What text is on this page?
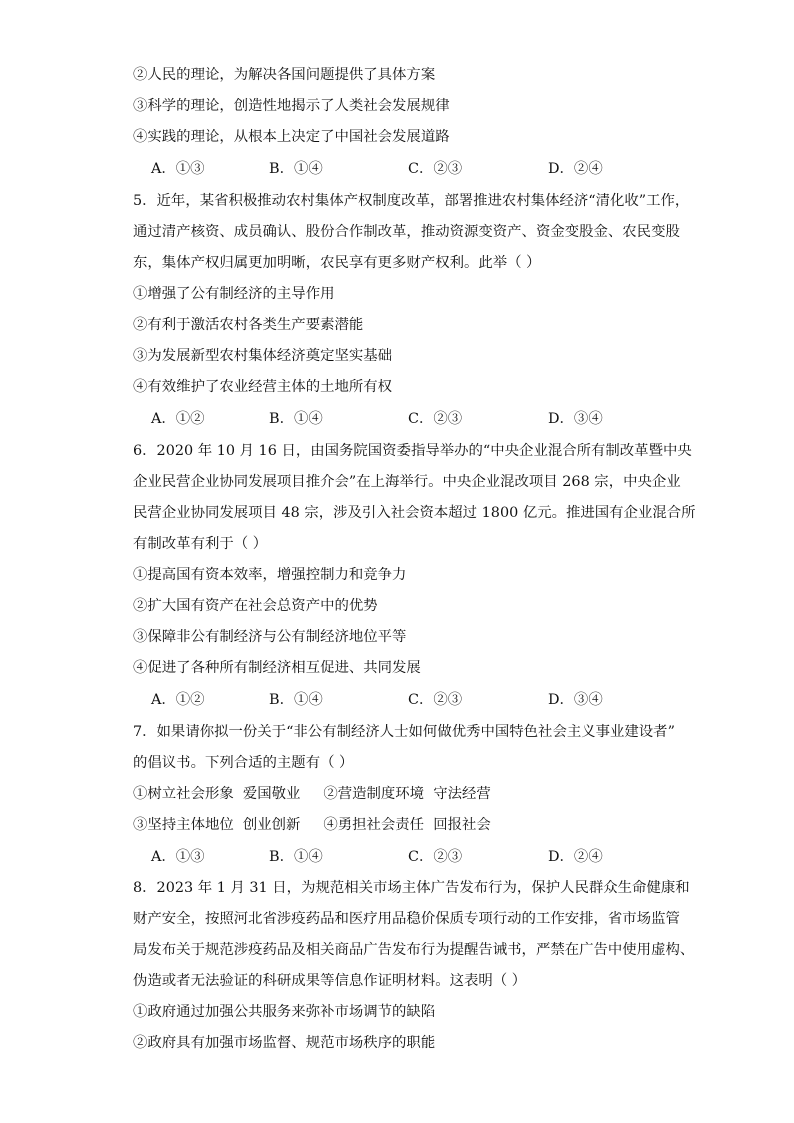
②人民的理论，为解决各国问题提供了具体方案
③科学的理论，创造性地揭示了人类社会发展规律
④实践的理论，从根本上决定了中国社会发展道路
A．①③	B．①④	C．②③	D．②④
5．近年，某省积极推动农村集体产权制度改革，部署推进农村集体经济“清化收”工作，
通过清产核资、成员确认、股份合作制改革，推动资源变资产、资金变股金、农民变股
东，集体产权归属更加明晰，农民享有更多财产权利。此举（ ）
①增强了公有制经济的主导作用
②有利于激活农村各类生产要素潜能
③为发展新型农村集体经济奠定坚实基础
④有效维护了农业经营主体的土地所有权
A．①②	B．①④	C．②③	D．③④
6．2020 年 10 月 16 日，由国务院国资委指导举办的“中央企业混合所有制改革暨中央
企业民营企业协同发展项目推介会”在上海举行。中央企业混改项目 268 宗，中央企业
民营企业协同发展项目 48 宗，涉及引入社会资本超过 1800 亿元。推进国有企业混合所
有制改革有利于（ ）
①提高国有资本效率，增强控制力和竞争力
②扩大国有资产在社会总资产中的优势
③保障非公有制经济与公有制经济地位平等
④促进了各种所有制经济相互促进、共同发展
A．①②	B．①④	C．②③	D．③④
7．如果请你拟一份关于“非公有制经济人士如何做优秀中国特色社会主义事业建设者”
的倡议书。下列合适的主题有（ ）
①树立社会形象  爱国敬业     ②营造制度环境  守法经营
③坚持主体地位  创业创新     ④勇担社会责任  回报社会
A．①③	B．①④	C．②③	D．②④
8．2023 年 1 月 31 日，为规范相关市场主体广告发布行为，保护人民群众生命健康和
财产安全，按照河北省涉疫药品和医疗用品稳价保质专项行动的工作安排，省市场监管
局发布关于规范涉疫药品及相关商品广告发布行为提醒告诫书，严禁在广告中使用虚构、
伪造或者无法验证的科研成果等信息作证明材料。这表明（ ）
①政府通过加强公共服务来弥补市场调节的缺陷
②政府具有加强市场监督、规范市场秩序的职能
